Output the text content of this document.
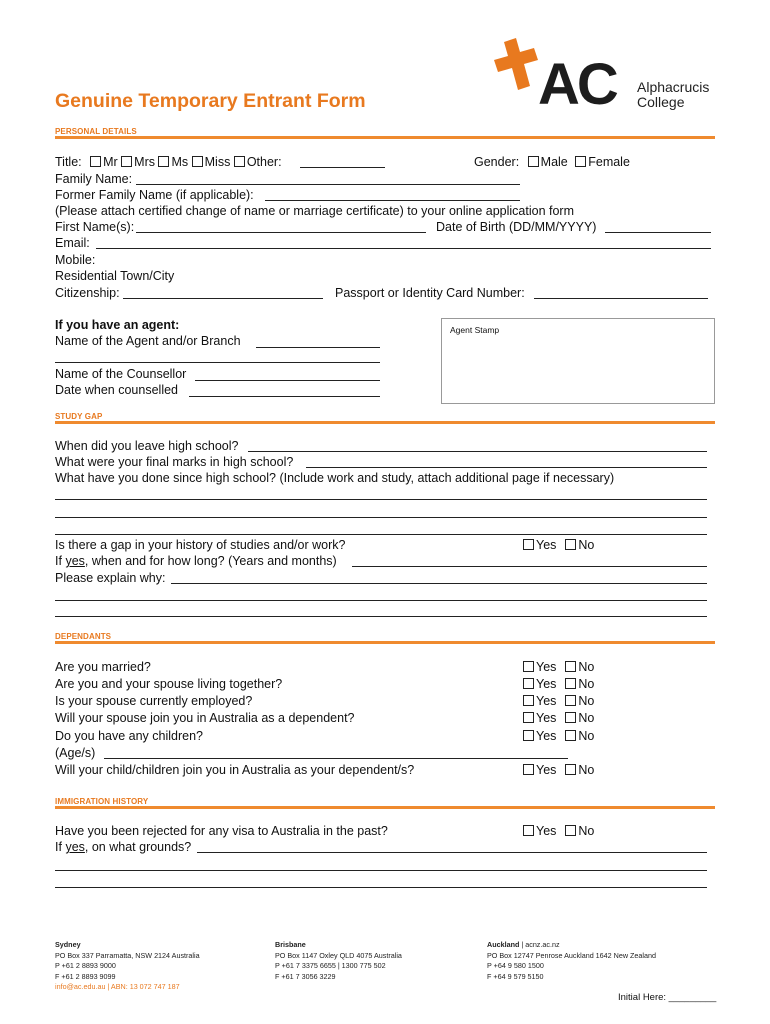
AC Alphacrucis
College
Genuine Temporary Entrant Form
PERSONAL DETAILS
Title: Mr Mrs Ms Miss Other:	Gender: Male Female
Family Name:
Former Family Name (if applicable):
(Please attach certified change of name or marriage certificate) to your online application form
First Name(s):	Date of Birth (DD/MM/YYYY)
Email:
Mobile:
Residential Town/City
Citizenship:	Passport or Identity Card Number:
If you have an agent:
Name of the Agent and/or Branch
Name of the Counsellor
Date when counselled
Agent Stamp
STUDY GAP
When did you leave high school?
What were your final marks in high school?
What have you done since high school? (Include work and study, attach additional page if necessary)
Is there a gap in your history of studies and/or work?	Yes No
If yes, when and for how long? (Years and months)
Please explain why:
DEPENDANTS
Are you married?	Yes No
Are you and your spouse living together?	Yes No
Is your spouse currently employed?	Yes No
Will your spouse join you in Australia as a dependent?	Yes No
Do you have any children?	Yes No
(Age/s)
Will your child/children join you in Australia as your dependent/s?	Yes No
IMMIGRATION HISTORY
Have you been rejected for any visa to Australia in the past?	Yes No
If yes, on what grounds?
Sydney
PO Box 337 Parramatta, NSW 2124 Australia
P +61 2 8893 9000
F +61 2 8893 9099
info@ac.edu.au | ABN: 13 072 747 187
Brisbane
PO Box 1147 Oxley QLD 4075 Australia
P +61 7 3375 6655 | 1300 775 502
F +61 7 3056 3229
Auckland | acnz.ac.nz
PO Box 12747 Penrose Auckland 1642 New Zealand
P +64 9 580 1500
F +64 9 579 5150
Initial Here: _________
